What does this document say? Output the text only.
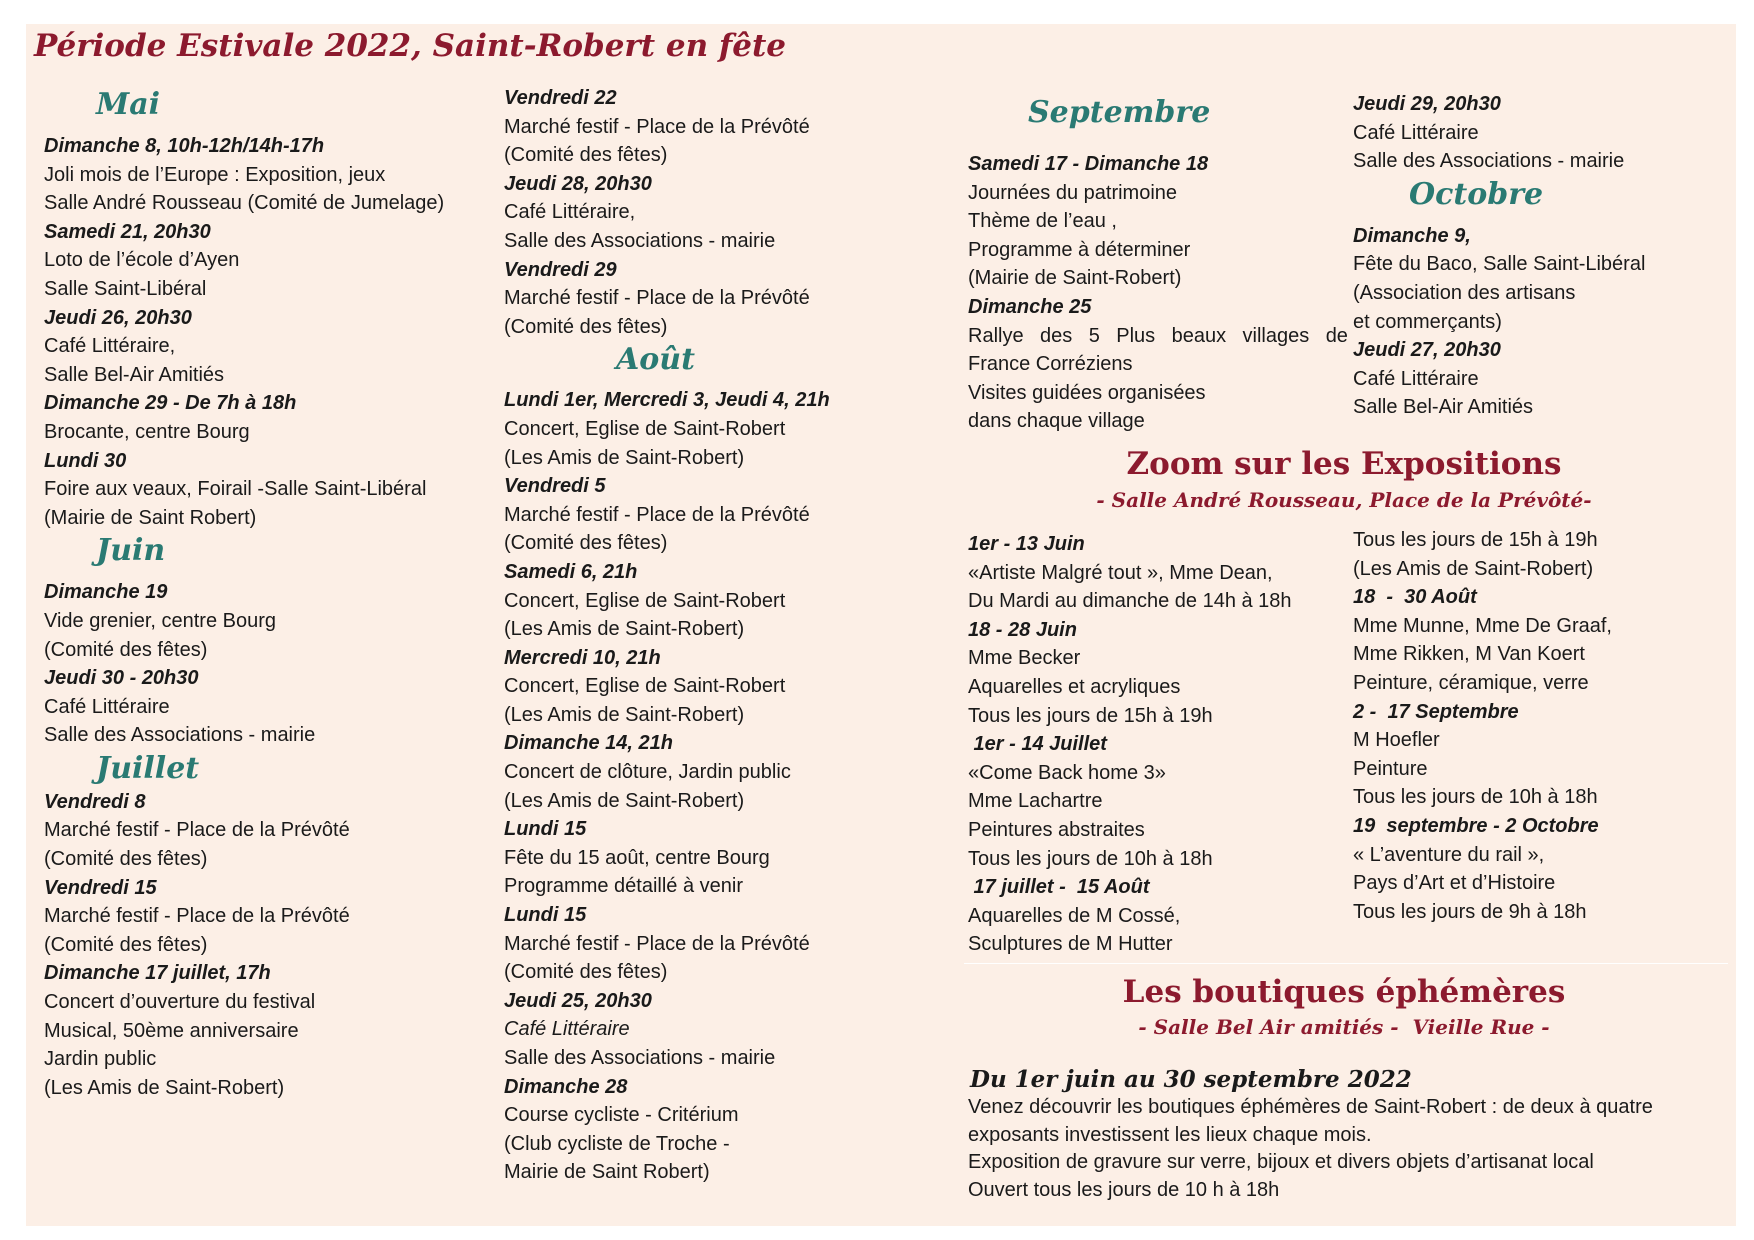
Période Estivale 2022, Saint-Robert en fête
Mai
Dimanche 8, 10h-12h/14h-17h
Joli mois de l’Europe : Exposition, jeux
Salle André Rousseau (Comité de Jumelage)
Samedi 21, 20h30
Loto de l’école d’Ayen
Salle Saint-Libéral
Jeudi 26, 20h30
Café Littéraire,
Salle Bel-Air Amitiés
Dimanche 29 - De 7h à 18h
Brocante, centre Bourg
Lundi 30
Foire aux veaux, Foirail -Salle Saint-Libéral
(Mairie de Saint Robert)
Juin
Dimanche 19
Vide grenier, centre Bourg
(Comité des fêtes)
Jeudi 30 - 20h30
Café Littéraire
Salle des Associations - mairie
Juillet
Vendredi 8
Marché festif - Place de la Prévôté
(Comité des fêtes)
Vendredi 15
Marché festif - Place de la Prévôté
(Comité des fêtes)
Dimanche 17 juillet, 17h
Concert d’ouverture du festival
Musical, 50ème anniversaire
Jardin public
(Les Amis de Saint-Robert)
Vendredi 22
Marché festif - Place de la Prévôté
(Comité des fêtes)
Jeudi 28, 20h30
Café Littéraire,
Salle des Associations - mairie
Vendredi 29
Marché festif - Place de la Prévôté
(Comité des fêtes)
Août
Lundi 1er, Mercredi 3, Jeudi 4, 21h
Concert, Eglise de Saint-Robert
(Les Amis de Saint-Robert)
Vendredi 5
Marché festif - Place de la Prévôté
(Comité des fêtes)
Samedi 6, 21h
Concert, Eglise de Saint-Robert
(Les Amis de Saint-Robert)
Mercredi 10, 21h
Concert, Eglise de Saint-Robert
(Les Amis de Saint-Robert)
Dimanche 14, 21h
Concert de clôture, Jardin public
(Les Amis de Saint-Robert)
Lundi 15
Fête du 15 août, centre Bourg
Programme détaillé à venir
Lundi 15
Marché festif - Place de la Prévôté
(Comité des fêtes)
Jeudi 25, 20h30
Café Littéraire
Salle des Associations - mairie
Dimanche 28
Course cycliste - Critérium
(Club cycliste de Troche -
Mairie de Saint Robert)
Septembre
Samedi 17 - Dimanche 18
Journées du patrimoine
Thème de l’eau ,
Programme à déterminer
(Mairie de Saint-Robert)
Dimanche 25
Rallye des 5 Plus beaux villages de
France Corréziens
Visites guidées organisées
dans chaque village
Jeudi 29, 20h30
Café Littéraire
Salle des Associations - mairie
Octobre
Dimanche 9,
Fête du Baco, Salle Saint-Libéral
(Association des artisans
et commerçants)
Jeudi 27, 20h30
Café Littéraire
Salle Bel-Air Amitiés
Zoom sur les Expositions
- Salle André Rousseau, Place de la Prévôté-
1er - 13 Juin
«Artiste Malgré tout », Mme Dean,
Du Mardi au dimanche de 14h à 18h
18 - 28 Juin
Mme Becker
Aquarelles et acryliques
Tous les jours de 15h à 19h
1er - 14 Juillet
«Come Back home 3»
Mme Lachartre
Peintures abstraites
Tous les jours de 10h à 18h
17 juillet -  15 Août
Aquarelles de M Cossé,
Sculptures de M Hutter
Tous les jours de 15h à 19h
(Les Amis de Saint-Robert)
18  -  30 Août
Mme Munne, Mme De Graaf,
Mme Rikken, M Van Koert
Peinture, céramique, verre
2 -  17 Septembre
M Hoefler
Peinture
Tous les jours de 10h à 18h
19  septembre - 2 Octobre
« L’aventure du rail »,
Pays d’Art et d’Histoire
Tous les jours de 9h à 18h
Les boutiques éphémères
- Salle Bel Air amitiés -  Vieille Rue -
Du 1er juin au 30 septembre 2022
Venez découvrir les boutiques éphémères de Saint-Robert : de deux à quatre
exposants investissent les lieux chaque mois.
Exposition de gravure sur verre, bijoux et divers objets d’artisanat local
Ouvert tous les jours de 10 h à 18h
